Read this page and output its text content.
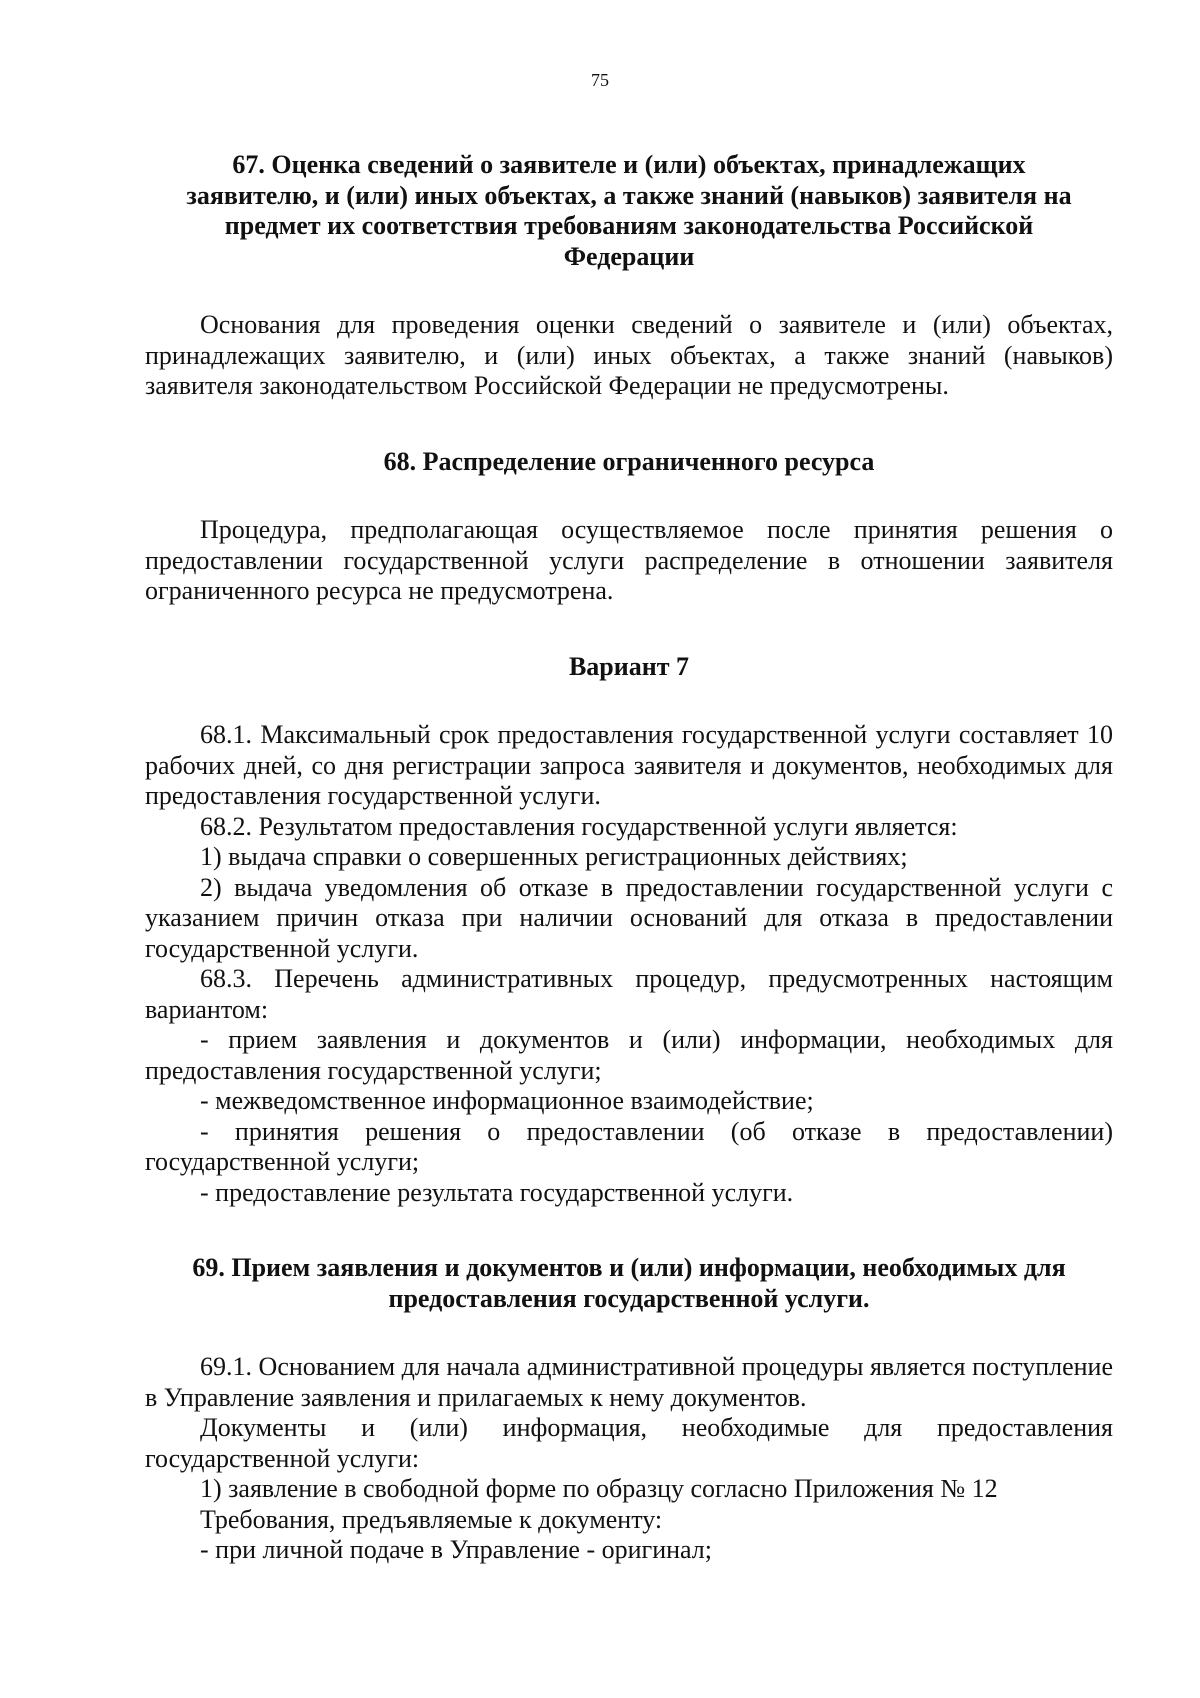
75
67. Оценка сведений о заявителе и (или) объектах, принадлежащих заявителю, и (или) иных объектах, а также знаний (навыков) заявителя на предмет их соответствия требованиям законодательства Российской Федерации

Основания для проведения оценки сведений о заявителе и (или) объектах, принадлежащих заявителю, и (или) иных объектах, а также знаний (навыков) заявителя законодательством Российской Федерации не предусмотрены.

68. Распределение ограниченного ресурса

Процедура, предполагающая осуществляемое после принятия решения о предоставлении государственной услуги распределение в отношении заявителя ограниченного ресурса не предусмотрена.

Вариант 7

68.1. Максимальный срок предоставления государственной услуги составляет 10 рабочих дней, со дня регистрации запроса заявителя и документов, необходимых для предоставления государственной услуги.

68.2. Результатом предоставления государственной услуги является:

1) выдача справки о совершенных регистрационных действиях;

2) выдача уведомления об отказе в предоставлении государственной услуги с указанием причин отказа при наличии оснований для отказа в предоставлении государственной услуги.

68.3. Перечень административных процедур, предусмотренных настоящим вариантом:

- прием заявления и документов и (или) информации, необходимых для предоставления государственной услуги;

- межведомственное информационное взаимодействие;

- принятия решения о предоставлении (об отказе в предоставлении) государственной услуги;

- предоставление результата государственной услуги.

69. Прием заявления и документов и (или) информации, необходимых для предоставления государственной услуги.

69.1. Основанием для начала административной процедуры является поступление в Управление заявления и прилагаемых к нему документов.

Документы и (или) информация, необходимые для предоставления государственной услуги:

1) заявление в свободной форме по образцу согласно Приложения № 12

Требования, предъявляемые к документу:

- при личной подаче в Управление - оригинал;
